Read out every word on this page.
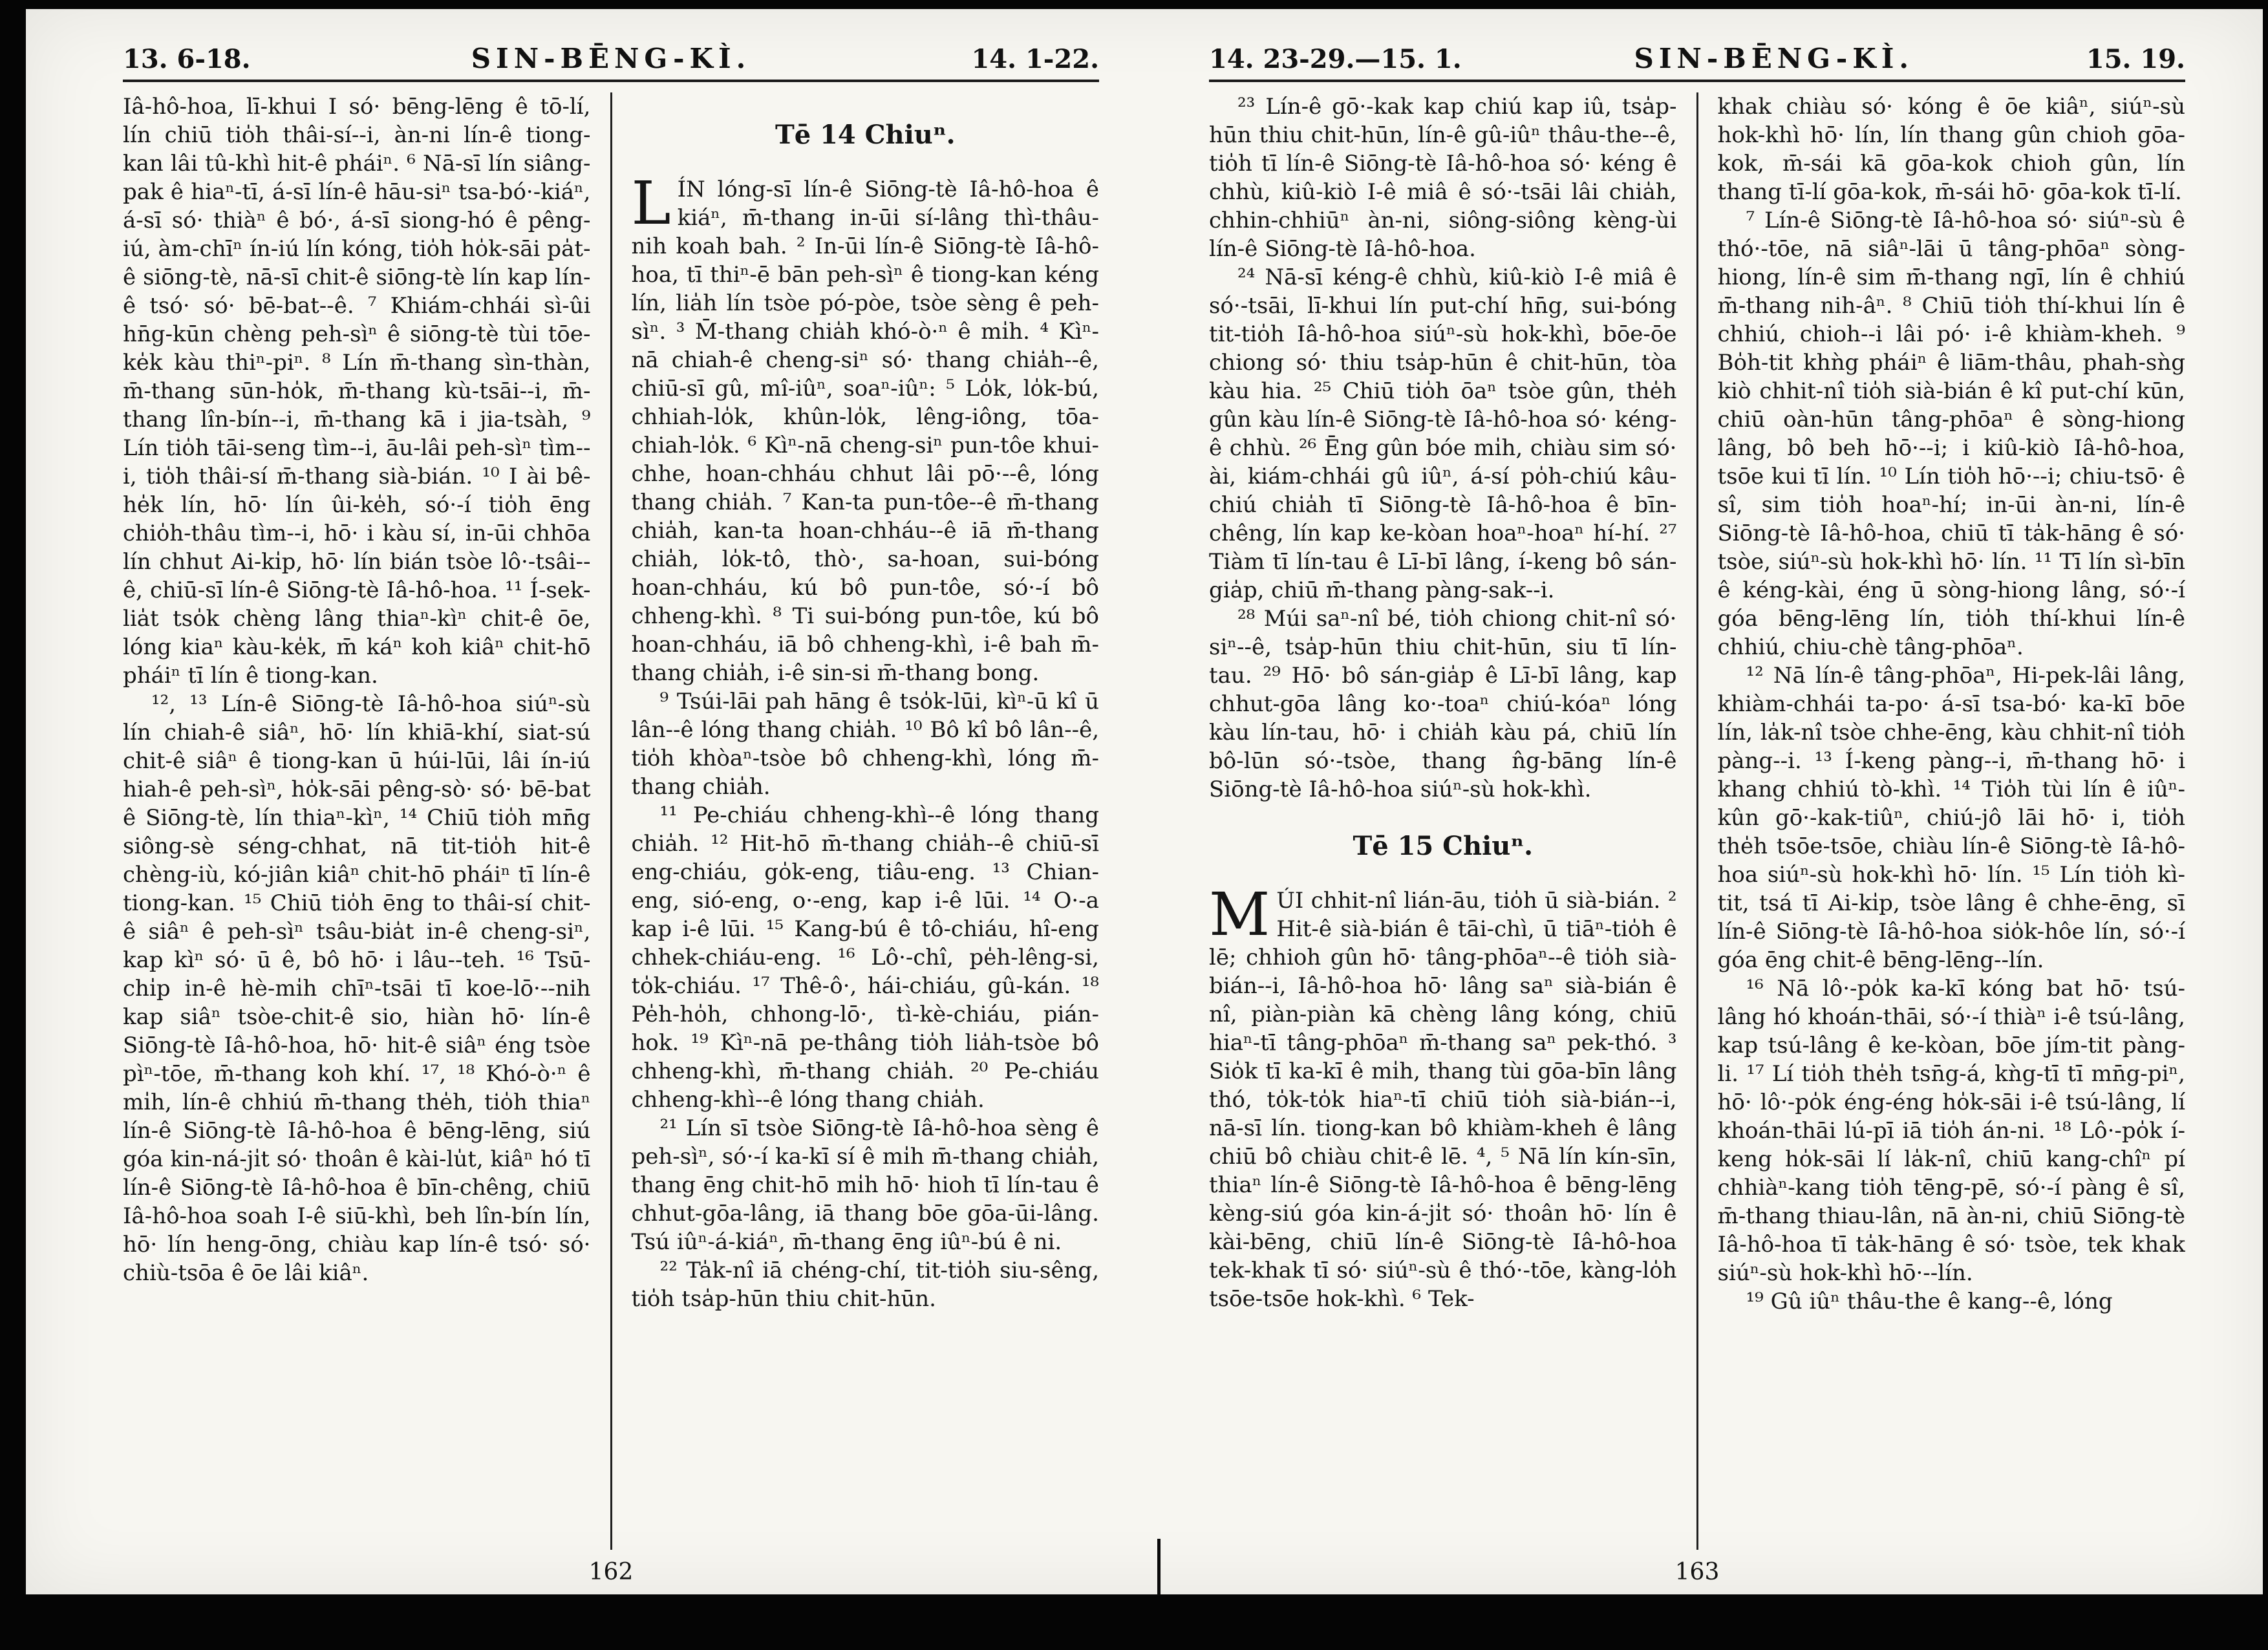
13. 6-18.	SIN-BĒNG-KÌ.	14. 1-22.

Iâ-hô-hoa, lī-khui I só· bēng-lēng ê tō-lí, lín chiū tio̍h thâi-sí--i, àn-ni lín-ê tiong-kan lâi tû-khì hit-ê pháiⁿ. ⁶ Nā-sī lín siâng-pak ê hiaⁿ-tī, á-sī lín-ê hāu-siⁿ tsa-bó·-kiáⁿ, á-sī só· thiàⁿ ê bó·, á-sī siong-hó ê pêng-iú, àm-chīⁿ ín-iú lín kóng, tio̍h ho̍k-sāi pa̍t-ê siōng-tè, nā-sī chit-ê siōng-tè lín kap lín-ê tsó· só· bē-bat--ê. ⁷ Khiám-chhái sì-ûi hn̄g-kūn chèng peh-sìⁿ ê siōng-tè tùi tōe-ke̍k kàu thiⁿ-piⁿ. ⁸ Lín m̄-thang sìn-thàn, m̄-thang sūn-ho̍k, m̄-thang kù-tsāi--i, m̄-thang lîn-bín--i, m̄-thang kā i jia-tsàh, ⁹ Lín tio̍h tāi-seng tìm--i, āu-lâi peh-sìⁿ tìm--i, tio̍h thâi-sí m̄-thang sià-bián. ¹⁰ I ài bê-he̍k lín, hō· lín ûi-ke̍h, só·-í tio̍h ēng chio̍h-thâu tìm--i, hō· i kàu sí, in-ūi chhōa lín chhut Ai-ki̍p, hō· lín bián tsòe lô·-tsâi--ê, chiū-sī lín-ê Siōng-tè Iâ-hô-hoa. ¹¹ Í-sek-lia̍t tso̍k chèng lâng thiaⁿ-kìⁿ chit-ê ōe, lóng kiaⁿ kàu-ke̍k, m̄ káⁿ koh kiâⁿ chit-hō pháiⁿ tī lín ê tiong-kan.

¹², ¹³ Lín-ê Siōng-tè Iâ-hô-hoa siúⁿ-sù lín chiah-ê siâⁿ, hō· lín khiā-khí, siat-sú chit-ê siâⁿ ê tiong-kan ū húi-lūi, lâi ín-iú hiah-ê peh-sìⁿ, ho̍k-sāi pêng-sò· só· bē-bat ê Siōng-tè, lín thiaⁿ-kìⁿ, ¹⁴ Chiū tio̍h mn̄g siông-sè séng-chhat, nā tit-tio̍h hit-ê chèng-iù, kó-jiân kiâⁿ chit-hō pháiⁿ tī lín-ê tiong-kan. ¹⁵ Chiū tio̍h ēng to thâi-sí chit-ê siâⁿ ê peh-sìⁿ tsâu-bia̍t in-ê cheng-siⁿ, kap kìⁿ só· ū ê, bô hō· i lâu--teh. ¹⁶ Tsū-chi̍p in-ê hè-mi̍h chīⁿ-tsāi tī koe-lō·--nih kap siâⁿ tsòe-chit-ê sio, hiàn hō· lín-ê Siōng-tè Iâ-hô-hoa, hō· hit-ê siâⁿ éng tsòe pìⁿ-tōe, m̄-thang koh khí. ¹⁷, ¹⁸ Khó-ò·ⁿ ê mi̍h, lín-ê chhiú m̄-thang the̍h, tio̍h thiaⁿ lín-ê Siōng-tè Iâ-hô-hoa ê bēng-lēng, siú góa kin-ná-ji̍t só· thoân ê kài-lu̍t, kiâⁿ hó tī lín-ê Siōng-tè Iâ-hô-hoa ê bīn-chêng, chiū Iâ-hô-hoa soah I-ê siū-khì, beh lîn-bín lín, hō· lín heng-ōng, chiàu kap lín-ê tsó· só· chiù-tsōa ê ōe lâi kiâⁿ.

Tē 14 Chiuⁿ.

LÍN lóng-sī lín-ê Siōng-tè Iâ-hô-hoa ê kiáⁿ, m̄-thang in-ūi sí-lâng thì-thâu-nih koah bah. ² In-ūi lín-ê Siōng-tè Iâ-hô-hoa, tī thiⁿ-ē bān peh-sìⁿ ê tiong-kan kéng lín, lia̍h lín tsòe pó-pòe, tsòe sèng ê peh-sìⁿ. ³ M̄-thang chia̍h khó-ò·ⁿ ê mi̍h. ⁴ Kìⁿ-nā chiah-ê cheng-siⁿ só· thang chia̍h--ê, chiū-sī gû, mî-iûⁿ, soaⁿ-iûⁿ: ⁵ Lo̍k, lo̍k-bú, chhiah-lo̍k, khûn-lo̍k, lêng-iông, tōa-chiah-lo̍k. ⁶ Kìⁿ-nā cheng-siⁿ pun-tôe khui-chhe, hoan-chháu chhut lâi pō·--ê, lóng thang chia̍h. ⁷ Kan-ta pun-tôe--ê m̄-thang chia̍h, kan-ta hoan-chháu--ê iā m̄-thang chia̍h, lo̍k-tô, thò·, sa-hoan, sui-bóng hoan-chháu, kú bô pun-tôe, só·-í bô chheng-khì. ⁸ Ti sui-bóng pun-tôe, kú bô hoan-chháu, iā bô chheng-khì, i-ê bah m̄-thang chia̍h, i-ê sin-si m̄-thang bong.

⁹ Tsúi-lāi pah hāng ê tso̍k-lūi, kìⁿ-ū kî ū lân--ê lóng thang chia̍h. ¹⁰ Bô kî bô lân--ê, tio̍h khòaⁿ-tsòe bô chheng-khì, lóng m̄-thang chia̍h.

¹¹ Pe-chiáu chheng-khì--ê lóng thang chia̍h. ¹² Hit-hō m̄-thang chia̍h--ê chiū-sī eng-chiáu, go̍k-eng, tiâu-eng. ¹³ Chian-eng, sió-eng, o·-eng, kap i-ê lūi. ¹⁴ O·-a kap i-ê lūi. ¹⁵ Kang-bú ê tô-chiáu, hî-eng chhek-chiáu-eng. ¹⁶ Lô·-chî, pe̍h-lêng-si, to̍k-chiáu. ¹⁷ Thê-ô·, hái-chiáu, gû-kán. ¹⁸ Pe̍h-ho̍h, chhong-lō·, tì-kè-chiáu, pián-hok. ¹⁹ Kìⁿ-nā pe-thâng tio̍h lia̍h-tsòe bô chheng-khì, m̄-thang chia̍h. ²⁰ Pe-chiáu chheng-khì--ê lóng thang chia̍h.

²¹ Lín sī tsòe Siōng-tè Iâ-hô-hoa sèng ê peh-sìⁿ, só·-í ka-kī sí ê mi̍h m̄-thang chia̍h, thang ēng chit-hō mi̍h hō· hioh tī lín-tau ê chhut-gōa-lâng, iā thang bōe gōa-ūi-lâng. Tsú iûⁿ-á-kiáⁿ, m̄-thang ēng iûⁿ-bú ê ni.

²² Ta̍k-nî iā chéng-chí, tit-tio̍h siu-sêng, tio̍h tsa̍p-hūn thiu chit-hūn.

162
14. 23-29.—15. 1.	SIN-BĒNG-KÌ.	15. 19.

²³ Lín-ê gō·-kak kap chiú kap iû, tsa̍p-hūn thiu chit-hūn, lín-ê gû-iûⁿ thâu-the--ê, tio̍h tī lín-ê Siōng-tè Iâ-hô-hoa só· kéng ê chhù, kiû-kiò I-ê miâ ê só·-tsāi lâi chia̍h, chhin-chhiūⁿ àn-ni, siông-siông kèng-ùi lín-ê Siōng-tè Iâ-hô-hoa.

²⁴ Nā-sī kéng-ê chhù, kiû-kiò I-ê miâ ê só·-tsāi, lī-khui lín put-chí hn̄g, sui-bóng tit-tio̍h Iâ-hô-hoa siúⁿ-sù hok-khì, bōe-ōe chiong só· thiu tsa̍p-hūn ê chit-hūn, tòa kàu hia. ²⁵ Chiū tio̍h ōaⁿ tsòe gûn, the̍h gûn kàu lín-ê Siōng-tè Iâ-hô-hoa só· kéng-ê chhù. ²⁶ Ēng gûn bóe mi̍h, chiàu sim só· ài, kiám-chhái gû iûⁿ, á-sí po̍h-chiú kâu-chiú chia̍h tī Siōng-tè Iâ-hô-hoa ê bīn-chêng, lín kap ke-kòan hoaⁿ-hoaⁿ hí-hí. ²⁷ Tiàm tī lín-tau ê Lī-bī lâng, í-keng bô sán-gia̍p, chiū m̄-thang pàng-sak--i.

²⁸ Múi saⁿ-nî bé, tio̍h chiong chit-nî só· siⁿ--ê, tsa̍p-hūn thiu chit-hūn, siu tī lín-tau. ²⁹ Hō· bô sán-gia̍p ê Lī-bī lâng, kap chhut-gōa lâng ko·-toaⁿ chiú-kóaⁿ lóng kàu lín-tau, hō· i chia̍h kàu pá, chiū lín bô-lūn só·-tsòe, thang n̂g-bāng lín-ê Siōng-tè Iâ-hô-hoa siúⁿ-sù hok-khì.

Tē 15 Chiuⁿ.

MÚI chhit-nî lián-āu, tio̍h ū sià-bián. ² Hit-ê sià-bián ê tāi-chì, ū tiāⁿ-tio̍h ê lē; chhioh gûn hō· tâng-phōaⁿ--ê tio̍h sià-bián--i, Iâ-hô-hoa hō· lâng saⁿ sià-bián ê nî, piàn-piàn kā chèng lâng kóng, chiū hiaⁿ-tī tâng-phōaⁿ m̄-thang saⁿ pek-thó. ³ Sio̍k tī ka-kī ê mi̍h, thang tùi gōa-bīn lâng thó, to̍k-to̍k hiaⁿ-tī chiū tio̍h sià-bián--i, nā-sī lín. tiong-kan bô khiàm-kheh ê lâng chiū bô chiàu chit-ê lē. ⁴, ⁵ Nā lín kín-sīn, thiaⁿ lín-ê Siōng-tè Iâ-hô-hoa ê bēng-lēng kèng-siú góa kin-á-ji̍t só· thoân hō· lín ê kài-bēng, chiū lín-ê Siōng-tè Iâ-hô-hoa tek-khak tī só· siúⁿ-sù ê thó·-tōe, kàng-lo̍h tsōe-tsōe hok-khì. ⁶ Tek-

khak chiàu só· kóng ê ōe kiâⁿ, siúⁿ-sù hok-khì hō· lín, lín thang gûn chioh gōa-kok, m̄-sái kā gōa-kok chioh gûn, lín thang tī-lí gōa-kok, m̄-sái hō· gōa-kok tī-lí.

⁷ Lín-ê Siōng-tè Iâ-hô-hoa só· siúⁿ-sù ê thó·-tōe, nā siâⁿ-lāi ū tâng-phōaⁿ sòng-hiong, lín-ê sim m̄-thang ngī, lín ê chhiú m̄-thang nih-âⁿ. ⁸ Chiū tio̍h thí-khui lín ê chhiú, chioh--i lâi pó· i-ê khiàm-kheh. ⁹ Bo̍h-tit khǹg pháiⁿ ê liām-thâu, phah-sǹg kiò chhit-nî tio̍h sià-bián ê kî put-chí kūn, chiū oàn-hūn tâng-phōaⁿ ê sòng-hiong lâng, bô beh hō·--i; i kiû-kiò Iâ-hô-hoa, tsōe kui tī lín. ¹⁰ Lín tio̍h hō·--i; chiu-tsō· ê sî, sim tio̍h hoaⁿ-hí; in-ūi àn-ni, lín-ê Siōng-tè Iâ-hô-hoa, chiū tī ta̍k-hāng ê só· tsòe, siúⁿ-sù hok-khì hō· lín. ¹¹ Tī lín sì-bīn ê kéng-kài, éng ū sòng-hiong lâng, só·-í góa bēng-lēng lín, tio̍h thí-khui lín-ê chhiú, chiu-chè tâng-phōaⁿ.

¹² Nā lín-ê tâng-phōaⁿ, Hi-pek-lâi lâng, khiàm-chhái ta-po· á-sī tsa-bó· ka-kī bōe lín, la̍k-nî tsòe chhe-ēng, kàu chhit-nî tio̍h pàng--i. ¹³ Í-keng pàng--i, m̄-thang hō· i khang chhiú tò-khì. ¹⁴ Tio̍h tùi lín ê iûⁿ-kûn gō·-kak-tiûⁿ, chiú-jô lāi hō· i, tio̍h the̍h tsōe-tsōe, chiàu lín-ê Siōng-tè Iâ-hô-hoa siúⁿ-sù hok-khì hō· lín. ¹⁵ Lín tio̍h kì-tit, tsá tī Ai-ki̍p, tsòe lâng ê chhe-ēng, sī lín-ê Siōng-tè Iâ-hô-hoa sio̍k-hôe lín, só·-í góa ēng chit-ê bēng-lēng--lín.

¹⁶ Nā lô·-po̍k ka-kī kóng bat hō· tsú-lâng hó khoán-thāi, só·-í thiàⁿ i-ê tsú-lâng, kap tsú-lâng ê ke-kòan, bōe jím-tit pàng-li. ¹⁷ Lí tio̍h the̍h tsn̄g-á, kǹg-tī tī mn̄g-piⁿ, hō· lô·-po̍k éng-éng ho̍k-sāi i-ê tsú-lâng, lí khoán-thāi lú-pī iā tio̍h án-ni. ¹⁸ Lô·-po̍k í-keng ho̍k-sāi lí la̍k-nî, chiū kang-chîⁿ pí chhiàⁿ-kang tio̍h tēng-pē, só·-í pàng ê sî, m̄-thang thiau-lân, nā àn-ni, chiū Siōng-tè Iâ-hô-hoa tī ta̍k-hāng ê só· tsòe, tek khak siúⁿ-sù hok-khì hō·--lín.

¹⁹ Gû iûⁿ thâu-the ê kang--ê, lóng

163
